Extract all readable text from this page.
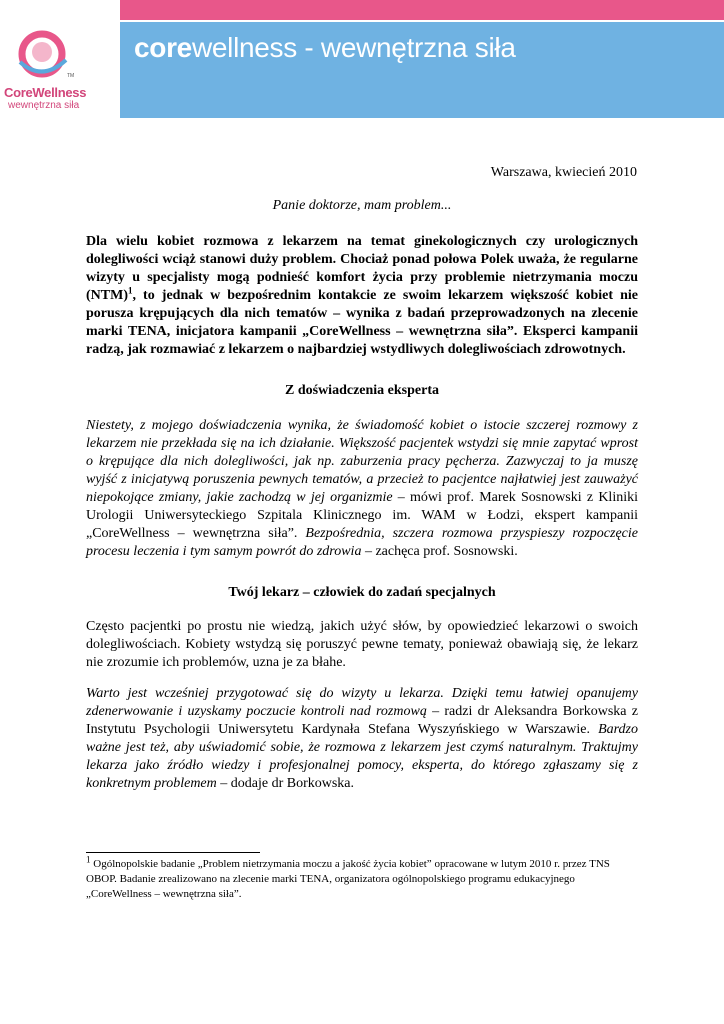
TM
CoreWellness
wewnętrzna siła
corewellness - wewnętrzna siła
Warszawa, kwiecień 2010
Panie doktorze, mam problem...

Dla wielu kobiet rozmowa z lekarzem na temat ginekologicznych czy urologicznych dolegliwości wciąż stanowi duży problem. Chociaż ponad połowa Polek uważa, że regularne wizyty u specjalisty mogą podnieść komfort życia przy problemie nietrzymania moczu (NTM)$^1$, to jednak w bezpośrednim kontakcie ze swoim lekarzem większość kobiet nie porusza krępujących dla nich tematów – wynika z badań przeprowadzonych na zlecenie marki TENA, inicjatora kampanii „CoreWellness – wewnętrzna siła”. Eksperci kampanii radzą, jak rozmawiać z lekarzem o najbardziej wstydliwych dolegliwościach zdrowotnych.

Z doświadczenia eksperta

Niestety, z mojego doświadczenia wynika, że świadomość kobiet o istocie szczerej rozmowy z lekarzem nie przekłada się na ich działanie. Większość pacjentek wstydzi się mnie zapytać wprost o krępujące dla nich dolegliwości, jak np. zaburzenia pracy pęcherza. Zazwyczaj to ja muszę wyjść z inicjatywą poruszenia pewnych tematów, a przecież to pacjentce najłatwiej jest zauważyć niepokojące zmiany, jakie zachodzą w jej organizmie – mówi prof. Marek Sosnowski z Kliniki Urologii Uniwersyteckiego Szpitala Klinicznego im. WAM w Łodzi, ekspert kampanii „CoreWellness – wewnętrzna siła”. Bezpośrednia, szczera rozmowa przyspieszy rozpoczęcie procesu leczenia i tym samym powrót do zdrowia – zachęca prof. Sosnowski.

Twój lekarz – człowiek do zadań specjalnych

Często pacjentki po prostu nie wiedzą, jakich użyć słów, by opowiedzieć lekarzowi o swoich dolegliwościach. Kobiety wstydzą się poruszyć pewne tematy, ponieważ obawiają się, że lekarz nie zrozumie ich problemów, uzna je za błahe.

Warto jest wcześniej przygotować się do wizyty u lekarza. Dzięki temu łatwiej opanujemy zdenerwowanie i uzyskamy poczucie kontroli nad rozmową – radzi dr Aleksandra Borkowska z Instytutu Psychologii Uniwersytetu Kardynała Stefana Wyszyńskiego w Warszawie. Bardzo ważne jest też, aby uświadomić sobie, że rozmowa z lekarzem jest czymś naturalnym. Traktujmy lekarza jako źródło wiedzy i profesjonalnej pomocy, eksperta, do którego zgłaszamy się z konkretnym problemem – dodaje dr Borkowska.

$^1$ Ogólnopolskie badanie „Problem nietrzymania moczu a jakość życia kobiet” opracowane w lutym 2010 r. przez TNS OBOP. Badanie zrealizowano na zlecenie marki TENA, organizatora ogólnopolskiego programu edukacyjnego „CoreWellness – wewnętrzna siła”.
